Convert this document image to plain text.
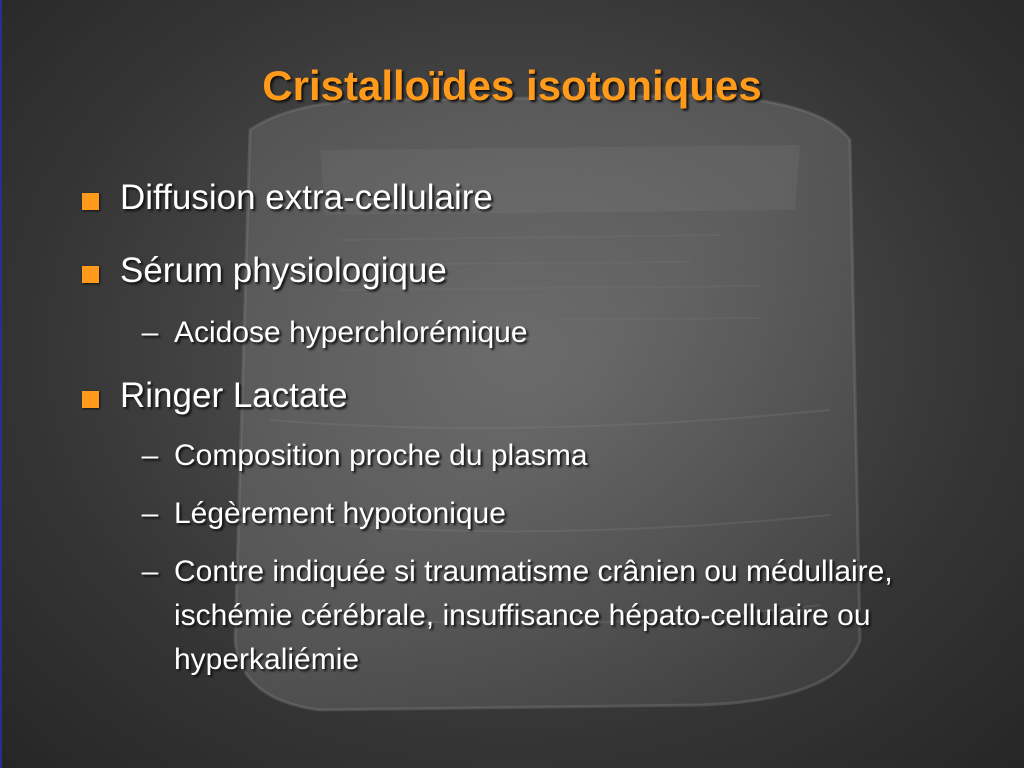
Cristalloïdes isotoniques
Diffusion extra-cellulaire
Sérum physiologique
– Acidose hyperchlorémique
Ringer Lactate
– Composition proche du plasma
– Légèrement hypotonique
– Contre indiquée si traumatisme crânien ou médullaire, ischémie cérébrale, insuffisance hépato-cellulaire ou hyperkaliémie
